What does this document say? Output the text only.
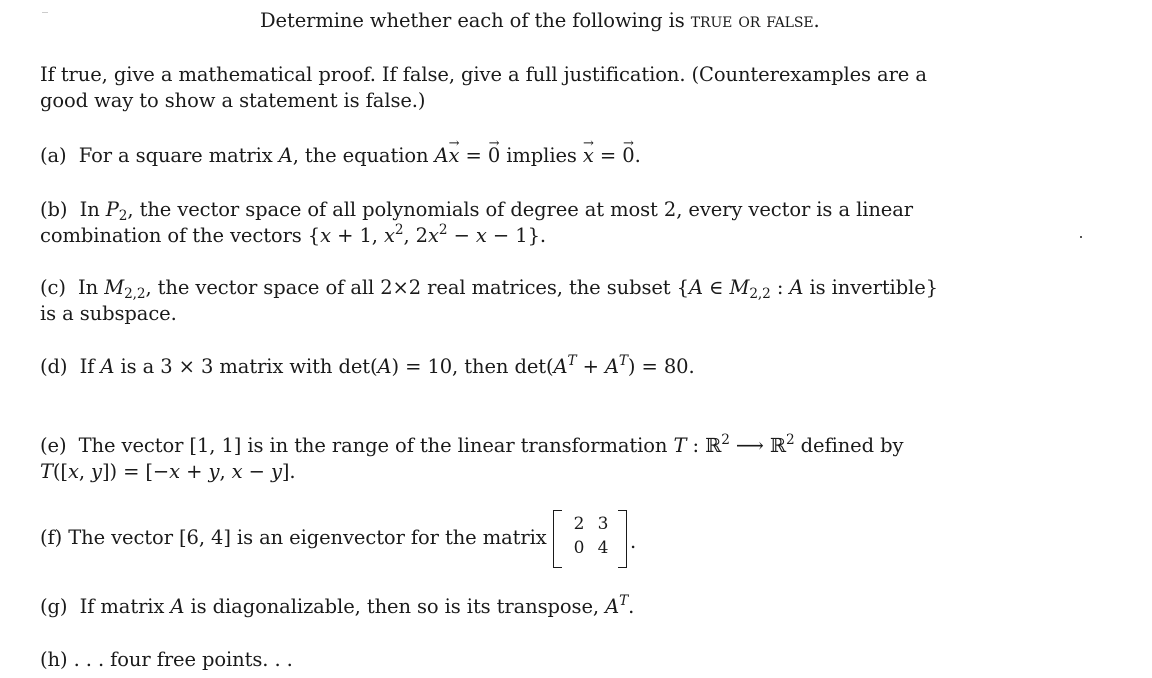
Determine whether each of the following is true or false.
If true, give a mathematical proof. If false, give a full justification. (Counterexamples are a
good way to show a statement is false.)
(a)  For a square matrix A, the equation A→ x = → 0 implies → x = → 0.
(b)  In $P_2$, the vector space of all polynomials of degree at most 2, every vector is a linear
combination of the vectors {x + 1, $x^2$, $2x^2 - x - 1$}.
(c)  In $M_{2,2}$, the vector space of all 2×2 real matrices, the subset {A ∈ $M_{2,2}$ : A is invertible}
is a subspace.
(d)  If A is a 3 × 3 matrix with det(A) = 10, then $\det(A^T + A^T) = 80$.
(e)  The vector [1, 1] is in the range of the linear transformation T : ℝ$^2$ ⟶ ℝ$^2$ defined by
T([x, y]) = [−x + y, x − y].
(f) The vector [6, 4] is an eigenvector for the matrix
2 3
0 4 .
(g)  If matrix A is diagonalizable, then so is its transpose, $A^T$.
(h) . . . four free points. . .
